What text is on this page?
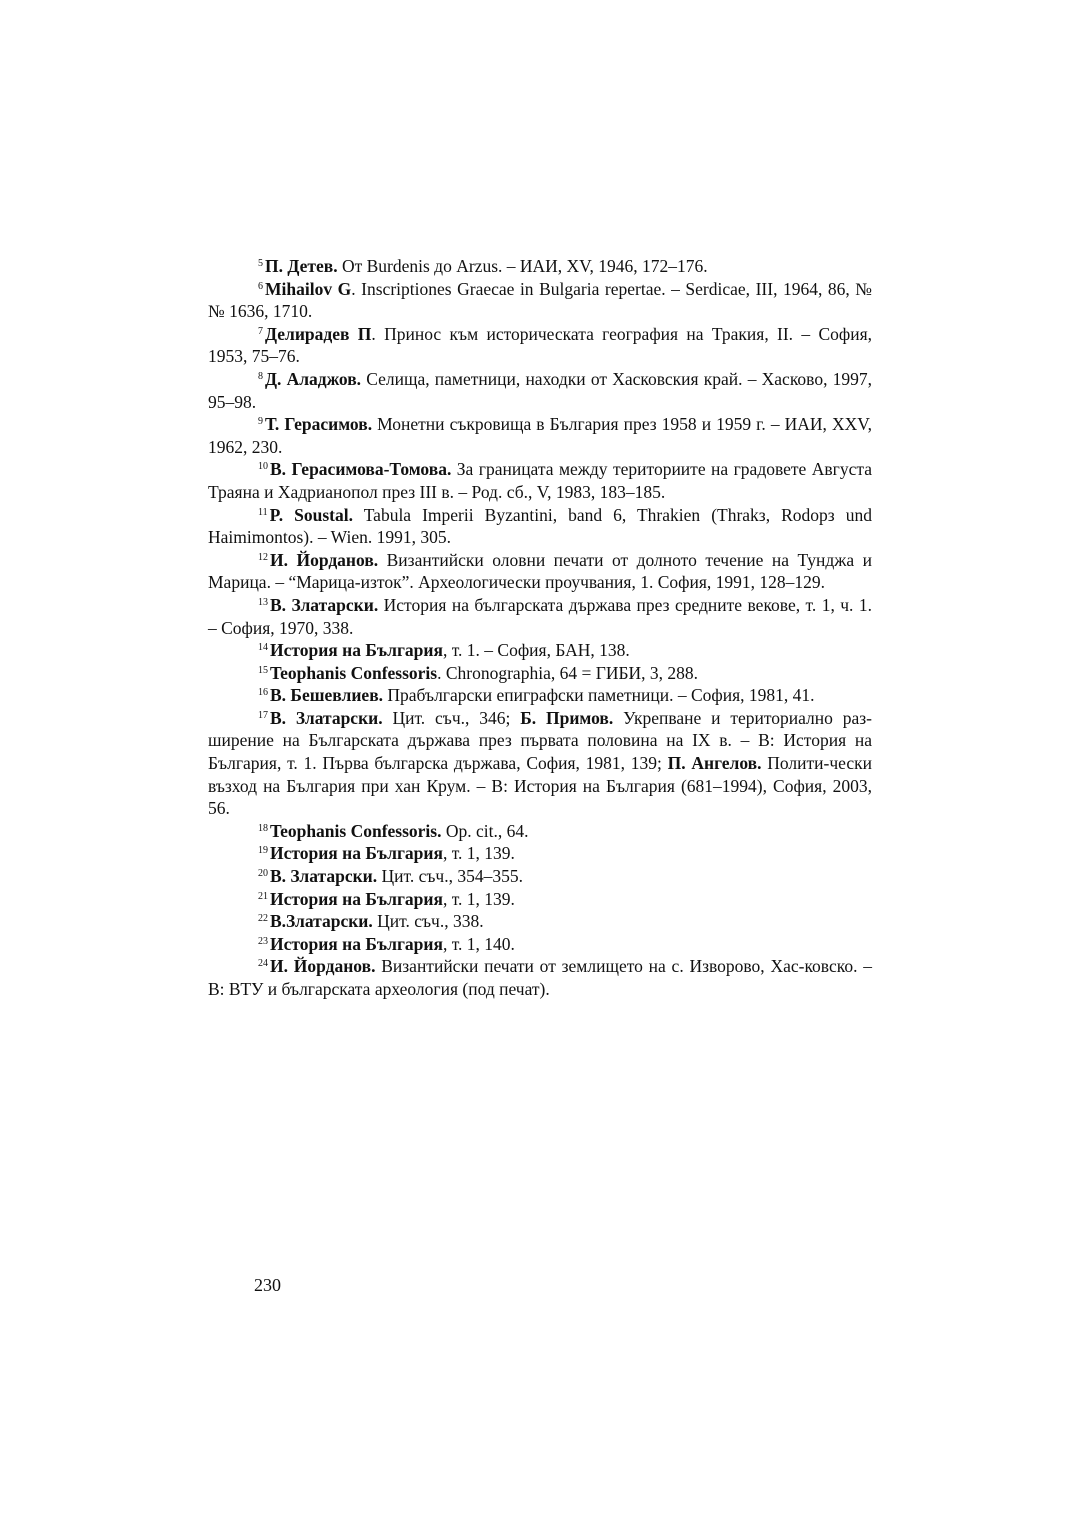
$^5$ П. Детев. От Burdenis до Arzus. – ИАИ, XV, 1946, 172–176.

$^6$ Mihailov G. Inscriptiones Graecae in Bulgaria repertae. – Serdicae, III, 1964, 86, №№ 1636, 1710.

$^7$ Делирадев П. Принос към историческата география на Тракия, II. – София, 1953, 75–76.

$^8$ Д. Аладжов. Селища, паметници, находки от Хасковския край. – Хасково, 1997, 95–98.

$^9$ Т. Герасимов. Монетни съкровища в България през 1958 и 1959 г. – ИАИ, XXV, 1962, 230.

$^{10}$ В. Герасимова-Томова. За границата между териториите на градовете Августа Траяна и Хадрианопол през III в. – Род. сб., V, 1983, 183–185.

$^{11}$ P. Soustal. Tabula Imperii Byzantini, band 6, Thrakien (Thrakз, Rodopз und Haimimontos). – Wien. 1991, 305.

$^{12}$ И. Йорданов. Византийски оловни печати от долното течение на Тунджа и Марица. – “Марица-изток”. Археологически проучвания, 1. София, 1991, 128–129.

$^{13}$ В. Златарски. История на българската държава през средните векове, т. 1, ч. 1. – София, 1970, 338.

$^{14}$ История на България, т. 1. – София, БАН, 138.

$^{15}$ Teophanis Confessoris. Chronographia, 64 = ГИБИ, 3, 288.

$^{16}$ В. Бешевлиев. Прабългарски епиграфски паметници. – София, 1981, 41.

$^{17}$ В. Златарски. Цит. съч., 346; Б. Примов. Укрепване и териториално раз-ширение на Българската държава през първата половина на IX в. – В: История на България, т. 1. Първа българска държава, София, 1981, 139; П. Ангелов. Полити-чески възход на България при хан Крум. – В: История на България (681–1994), София, 2003, 56.

$^{18}$ Teophanis Confessoris. Op. cit., 64.

$^{19}$ История на България, т. 1, 139.

$^{20}$ В. Златарски. Цит. съч., 354–355.

$^{21}$ История на България, т. 1, 139.

$^{22}$ В.Златарски. Цит. съч., 338.

$^{23}$ История на България, т. 1, 140.

$^{24}$ И. Йорданов. Византийски печати от землището на с. Изворово, Хас-ковско. – В: ВТУ и българската археология (под печат).

230
